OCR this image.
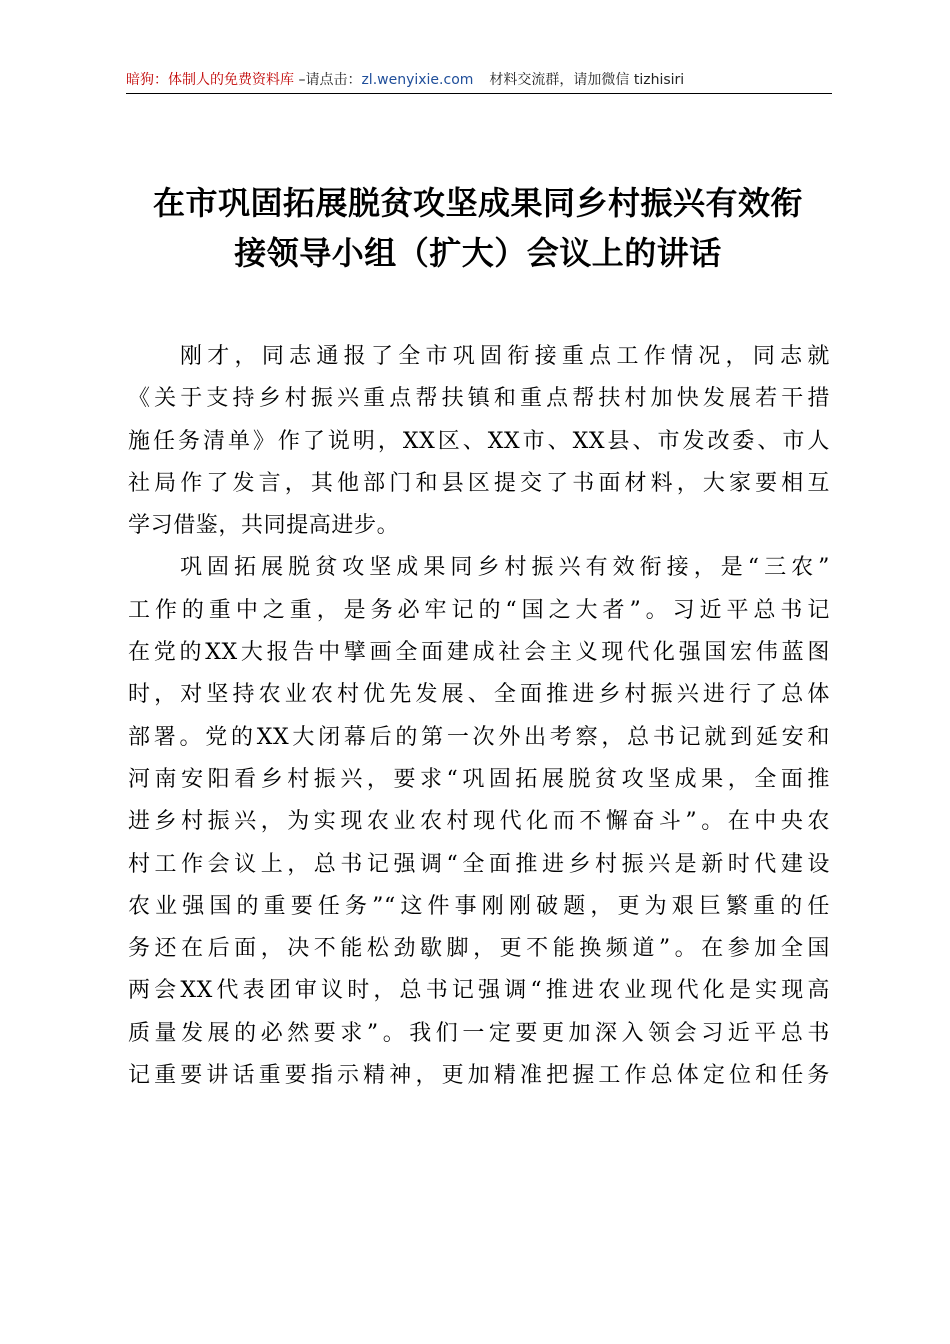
暗狗：体制人的免费资料库 –请点击：zl.wenyixie.com 材料交流群，请加微信 tizhisiri
在市巩固拓展脱贫攻坚成果同乡村振兴有效衔
接领导小组（扩大）会议上的讲话
刚才，同志通报了全市巩固衔接重点工作情况，同志就
《关于支持乡村振兴重点帮扶镇和重点帮扶村加快发展若干措
施任务清单》作了说明，XX区、XX市、XX县、市发改委、市人
社局作了发言，其他部门和县区提交了书面材料，大家要相互
学习借鉴，共同提高进步。
巩固拓展脱贫攻坚成果同乡村振兴有效衔接，是“三农”
工作的重中之重，是务必牢记的“国之大者”。习近平总书记
在党的XX大报告中擘画全面建成社会主义现代化强国宏伟蓝图
时，对坚持农业农村优先发展、全面推进乡村振兴进行了总体
部署。党的XX大闭幕后的第一次外出考察，总书记就到延安和
河南安阳看乡村振兴，要求“巩固拓展脱贫攻坚成果，全面推
进乡村振兴，为实现农业农村现代化而不懈奋斗”。在中央农
村工作会议上，总书记强调“全面推进乡村振兴是新时代建设
农业强国的重要任务”“这件事刚刚破题，更为艰巨繁重的任
务还在后面，决不能松劲歇脚，更不能换频道”。在参加全国
两会XX代表团审议时，总书记强调“推进农业现代化是实现高
质量发展的必然要求”。我们一定要更加深入领会习近平总书
记重要讲话重要指示精神，更加精准把握工作总体定位和任务
